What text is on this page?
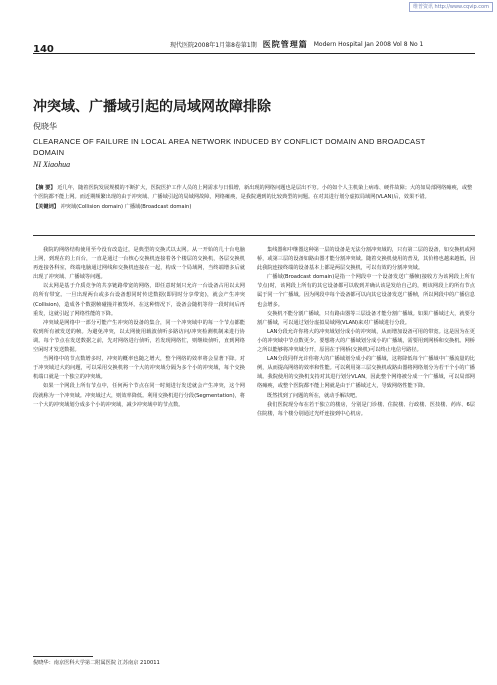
维普资讯 http://www.cqvip.com
140	现代医院2008年1月第8卷第1期 医院管理篇 Modern Hospital Jan 2008 Vol 8 No 1
冲突域、广播域引起的局域网故障排除
倪晓华
CLEARANCE OF FAILURE IN LOCAL AREA NETWORK INDUCED BY CONFLICT DOMAIN AND BROADCAST DOMAIN
NI Xiaohua

【摘 要】 近几年，随着医院发展规模的不断扩大，医院医护工作人员的上网需求与日俱增，新出现的网络问题也是层出不穷。小的如个人主机染上病毒、硬件故障；大的如局部网络瘫痪，或整个医院都不能上网。而近期频繁出现的由于冲突域、广播域引起的局域网故障，网络瘫痪，是我院遇到的比较典型的问题。在对其进行划分虚拟局域网(VLAN)后，效果不错。

【关键词】 冲突域(Collision domain) 广播域(Broadcast domain)

我院的网络结构使用至今没有改造过，是典型的交换式以太网。从一开始的几十台电脑上网，到现在的上百台，一直是通过一台核心交换机连接着各个楼层的交换机，各层交换机再连接各科室，终端电脑通过网线和交换机连接在一起，构成一个局域网，当终端增多后就出现了冲突域、广播域等问题。

以太网是基于介质竞争的共享链路带宽的网络，即任意时刻只允许一台设备占用以太网的所有带宽。一旦出现两台或多台设备想同时传送数据(即同时分享带宽)，就会产生冲突(Collision)，造成各个数据帧碰撞并被毁坏。在这种情况下，设备会随机等待一段时间后再重发，这就引起了网络性能的下降。

冲突域是网络中一部分可能产生冲突的设备的集合，同一个冲突域中的每一个节点都能收到所有被发送的帧。为避免冲突，以太网使用载波侦听多路访问/冲突检测机制来进行协调。每个节点在发送数据之前，先对网络进行侦听，若发现网络忙，则继续侦听，直到网络空闲时才发送数据。

当网络中的节点数增多时，冲突的概率也随之增大，整个网络的效率将会显著下降。对于冲突域过大的问题，可以采用交换机将一个大的冲突域分隔为多个小的冲突域，每个交换机端口就是一个独立的冲突域。

如果一个网段上所有节点中，任何两个节点在同一时刻进行发送就会产生冲突，这个网段就称为一个冲突域。冲突域过大，则效率降低。利用交换机进行分段(Segmentation)，将一个大的冲突域划分成多个小的冲突域，减少冲突域中的节点数。

集线器和中继器这种第一层的设备是无法分割冲突域的，只有第二层的设备，如交换机或网桥，或第三层的设备如路由器才能分割冲突域。随着交换机使用的普及，其价格也越来越低，因此我院连接终端的设备基本上都是两层交换机，可以有效的分割冲突域。

广播域(Broadcast domain)是指一个网段中一个设备发送广播帧(接收方为该网段上所有节点)时，该网段上所有的其它设备都可以收到并确认该是发给自己的，则该网段上的所有节点属于同一个广播域。因为网段中每个设备都可以向其它设备发送广播帧，所以网段中的广播信息也会增多。

交换机不能分割广播域，只有路由器等三层设备才能分割广播域。如果广播域过大，就要分割广播域，可以通过划分虚拟局域网(VLAN)来对广播域进行分段。

LAN分段允许你将大的冲突域划分成小的冲突域，从而增加设备可用的带宽。这是因为在更小的冲突域中节点数更少。要想将大的广播域划分成小的广播域，需要用到网桥和交换机。网桥之所以能够将冲突域分开，原因在于网桥(交换机)可以终止电信号路径。

LAN分段同样允许你将大的广播域划分成小的广播域，这将降低每个广播域中广播流量的比例，从而提高网络的效率和性能。可以利用第三层交换机或路由器将网络划分为若干个小的广播域。我院使用的交换机支持对其进行划分VLAN，因此整个网络被分成一个广播域，可以局部网络瘫痪，或整个医院都不能上网就是由于广播域过大，导致网络性能下降。

既然找到了问题的所在，就动手解决吧。

我们医院现分布在若干独立的楼房，分别是门诊楼、住院楼、行政楼、医技楼、药库、6层住院楼，每个楼分别通过光纤连接到中心机房。

倪晓华：南京医科大学第二附属医院 江苏南京 210011
